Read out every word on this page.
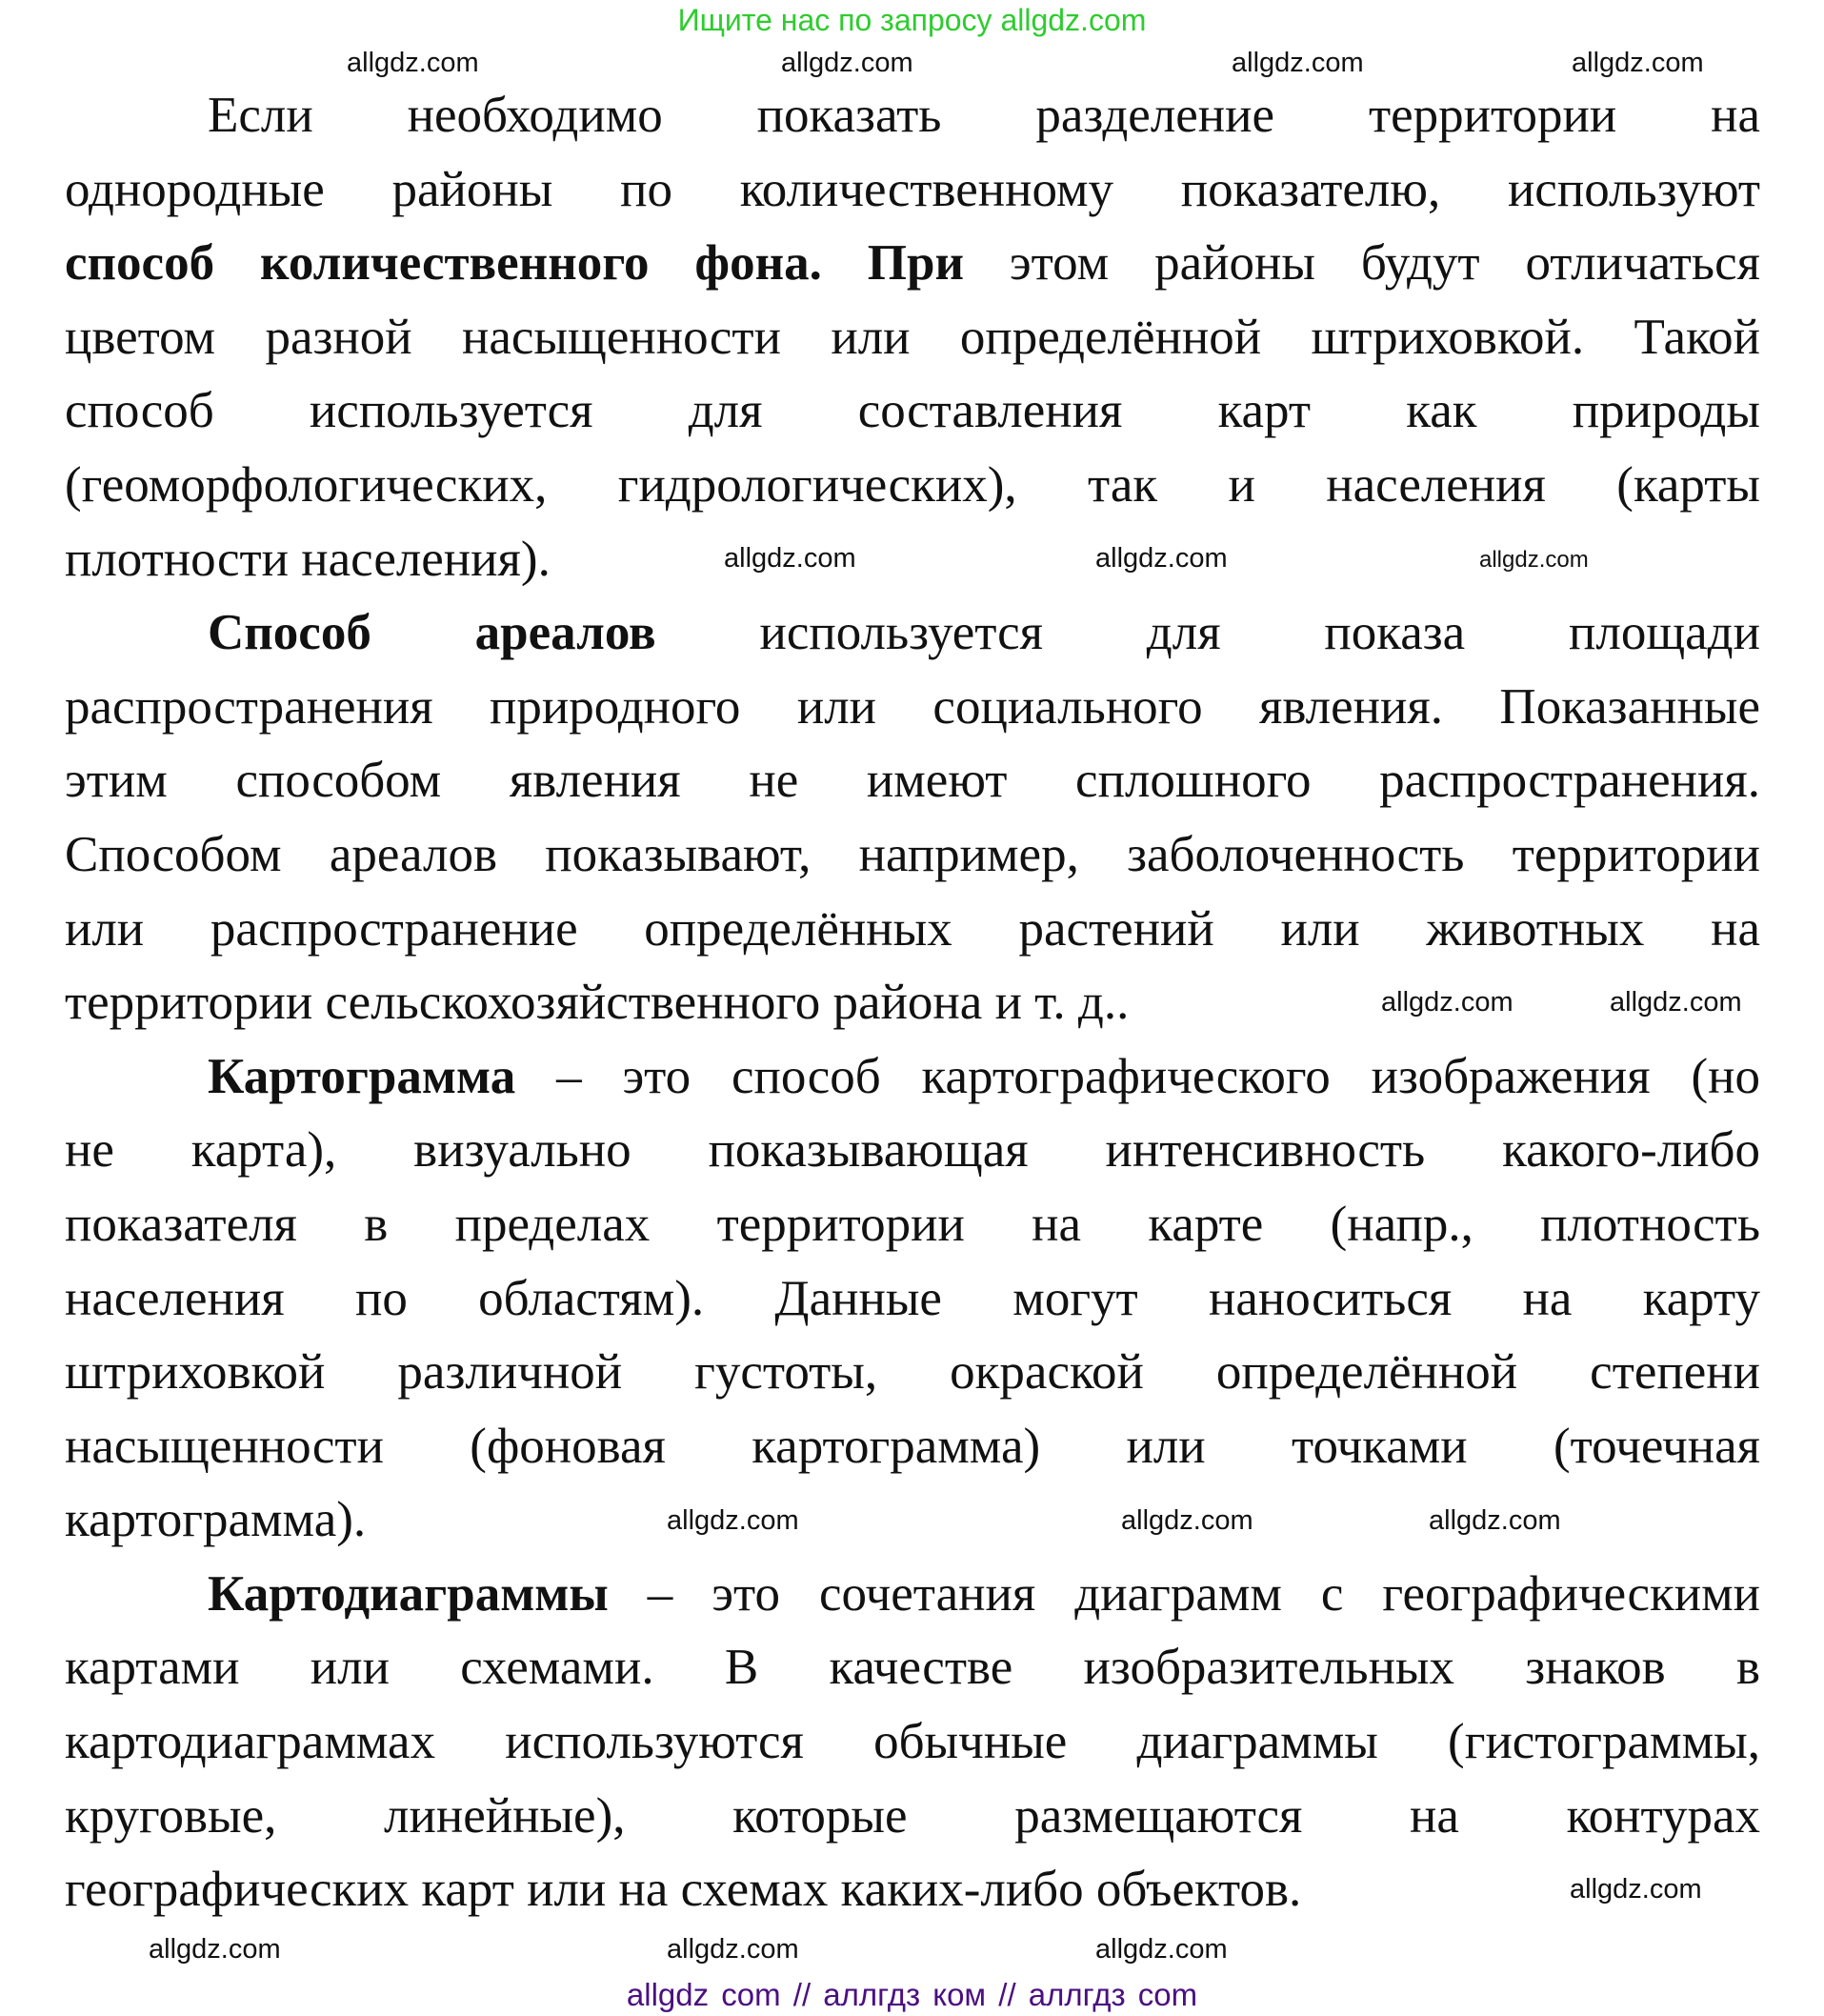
Ищите нас по запросу allgdz.com
Если необходимо показать разделение территории на
однородные районы по количественному показателю, используют
способ количественного фона. При этом районы будут отличаться
цветом разной насыщенности или определённой штриховкой. Такой
способ используется для составления карт как природы
(геоморфологических, гидрологических), так и населения (карты
плотности населения).
Способ ареалов используется для показа площади
распространения природного или социального явления. Показанные
этим способом явления не имеют сплошного распространения.
Способом ареалов показывают, например, заболоченность территории
или распространение определённых растений или животных на
территории сельскохозяйственного района и т. д..
Картограмма – это способ картографического изображения (но
не карта), визуально показывающая интенсивность какого-либо
показателя в пределах территории на карте (напр., плотность
населения по областям). Данные могут наноситься на карту
штриховкой различной густоты, окраской определённой степени
насыщенности (фоновая картограмма) или точками (точечная
картограмма).
Картодиаграммы – это сочетания диаграмм с географическими
картами или схемами. В качестве изобразительных знаков в
картодиаграммах используются обычные диаграммы (гистограммы,
круговые, линейные), которые размещаются на контурах
географических карт или на схемах каких-либо объектов.
allgdz.com	allgdz.com
allgdz.com	allgdz.com
allgdz.com
allgdz.com
allgdz.com
allgdz.com	allgdz.com
allgdz.com
allgdz.com	allgdz.com
allgdz.com	allgdz.com
allgdz.com
allgdz.com
allgdz com // аллгдз ком // аллгдз com
